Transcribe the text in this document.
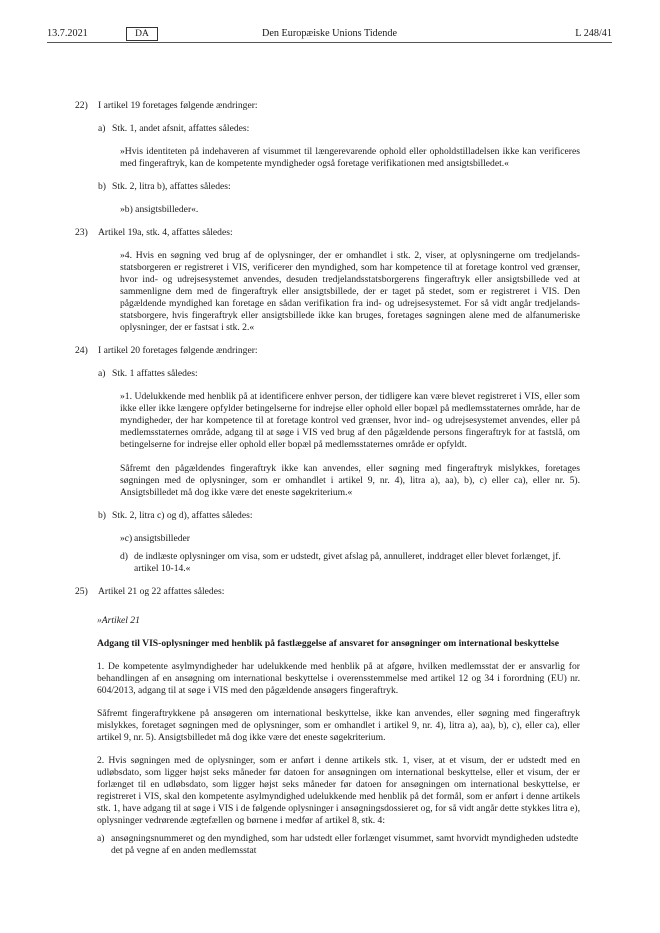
13.7.2021	DA	Den Europæiske Unions Tidende	L 248/41
22) I artikel 19 foretages følgende ændringer:
a) Stk. 1, andet afsnit, affattes således:
»Hvis identiteten på indehaveren af visummet til længerevarende ophold eller opholdstilladelsen ikke kan verificeres med fingeraftryk, kan de kompetente myndigheder også foretage verifikationen med ansigtsbilledet.«
b) Stk. 2, litra b), affattes således:
»b) ansigtsbilleder«.
23) Artikel 19a, stk. 4, affattes således:
»4. Hvis en søgning ved brug af de oplysninger, der er omhandlet i stk. 2, viser, at oplysningerne om tredjelands-statsborgeren er registreret i VIS, verificerer den myndighed, som har kompetence til at foretage kontrol ved grænser, hvor ind- og udrejsesystemet anvendes, desuden tredjelandsstatsborgerens fingeraftryk eller ansigtsbillede ved at sammenligne dem med de fingeraftryk eller ansigtsbillede, der er taget på stedet, som er registreret i VIS. Den pågældende myndighed kan foretage en sådan verifikation fra ind- og udrejsesystemet. For så vidt angår tredjelands-statsborgere, hvis fingeraftryk eller ansigtsbillede ikke kan bruges, foretages søgningen alene med de alfanumeriske oplysninger, der er fastsat i stk. 2.«
24) I artikel 20 foretages følgende ændringer:
a) Stk. 1 affattes således:
»1. Udelukkende med henblik på at identificere enhver person, der tidligere kan være blevet registreret i VIS, eller som ikke eller ikke længere opfylder betingelserne for indrejse eller ophold eller bopæl på medlemsstaternes område, har de myndigheder, der har kompetence til at foretage kontrol ved grænser, hvor ind- og udrejsesystemet anvendes, eller på medlemsstaternes område, adgang til at søge i VIS ved brug af den pågældende persons fingeraftryk for at fastslå, om betingelserne for indrejse eller ophold eller bopæl på medlemsstaternes område er opfyldt.
Såfremt den pågældendes fingeraftryk ikke kan anvendes, eller søgning med fingeraftryk mislykkes, foretages søgningen med de oplysninger, som er omhandlet i artikel 9, nr. 4), litra a), aa), b), c) eller ca), eller nr. 5). Ansigtsbilledet må dog ikke være det eneste søgekriterium.«
b) Stk. 2, litra c) og d), affattes således:
»c) ansigtsbilleder
d) de indlæste oplysninger om visa, som er udstedt, givet afslag på, annulleret, inddraget eller blevet forlænget, jf. artikel 10-14.«
25) Artikel 21 og 22 affattes således:
»Artikel 21
Adgang til VIS-oplysninger med henblik på fastlæggelse af ansvaret for ansøgninger om international beskyttelse
1. De kompetente asylmyndigheder har udelukkende med henblik på at afgøre, hvilken medlemsstat der er ansvarlig for behandlingen af en ansøgning om international beskyttelse i overensstemmelse med artikel 12 og 34 i forordning (EU) nr. 604/2013, adgang til at søge i VIS med den pågældende ansøgers fingeraftryk.
Såfremt fingeraftrykkene på ansøgeren om international beskyttelse, ikke kan anvendes, eller søgning med fingeraftryk mislykkes, foretaget søgningen med de oplysninger, som er omhandlet i artikel 9, nr. 4), litra a), aa), b), c), eller ca), eller artikel 9, nr. 5). Ansigtsbilledet må dog ikke være det eneste søgekriterium.
2. Hvis søgningen med de oplysninger, som er anført i denne artikels stk. 1, viser, at et visum, der er udstedt med en udløbsdato, som ligger højst seks måneder før datoen for ansøgningen om international beskyttelse, eller et visum, der er forlænget til en udløbsdato, som ligger højst seks måneder før datoen for ansøgningen om international beskyttelse, er registreret i VIS, skal den kompetente asylmyndighed udelukkende med henblik på det formål, som er anført i denne artikels stk. 1, have adgang til at søge i VIS i de følgende oplysninger i ansøgningsdossieret og, for så vidt angår dette stykkes litra e), oplysninger vedrørende ægtefællen og børnene i medfør af artikel 8, stk. 4:
a) ansøgningsnummeret og den myndighed, som har udstedt eller forlænget visummet, samt hvorvidt myndigheden udstedte det på vegne af en anden medlemsstat
